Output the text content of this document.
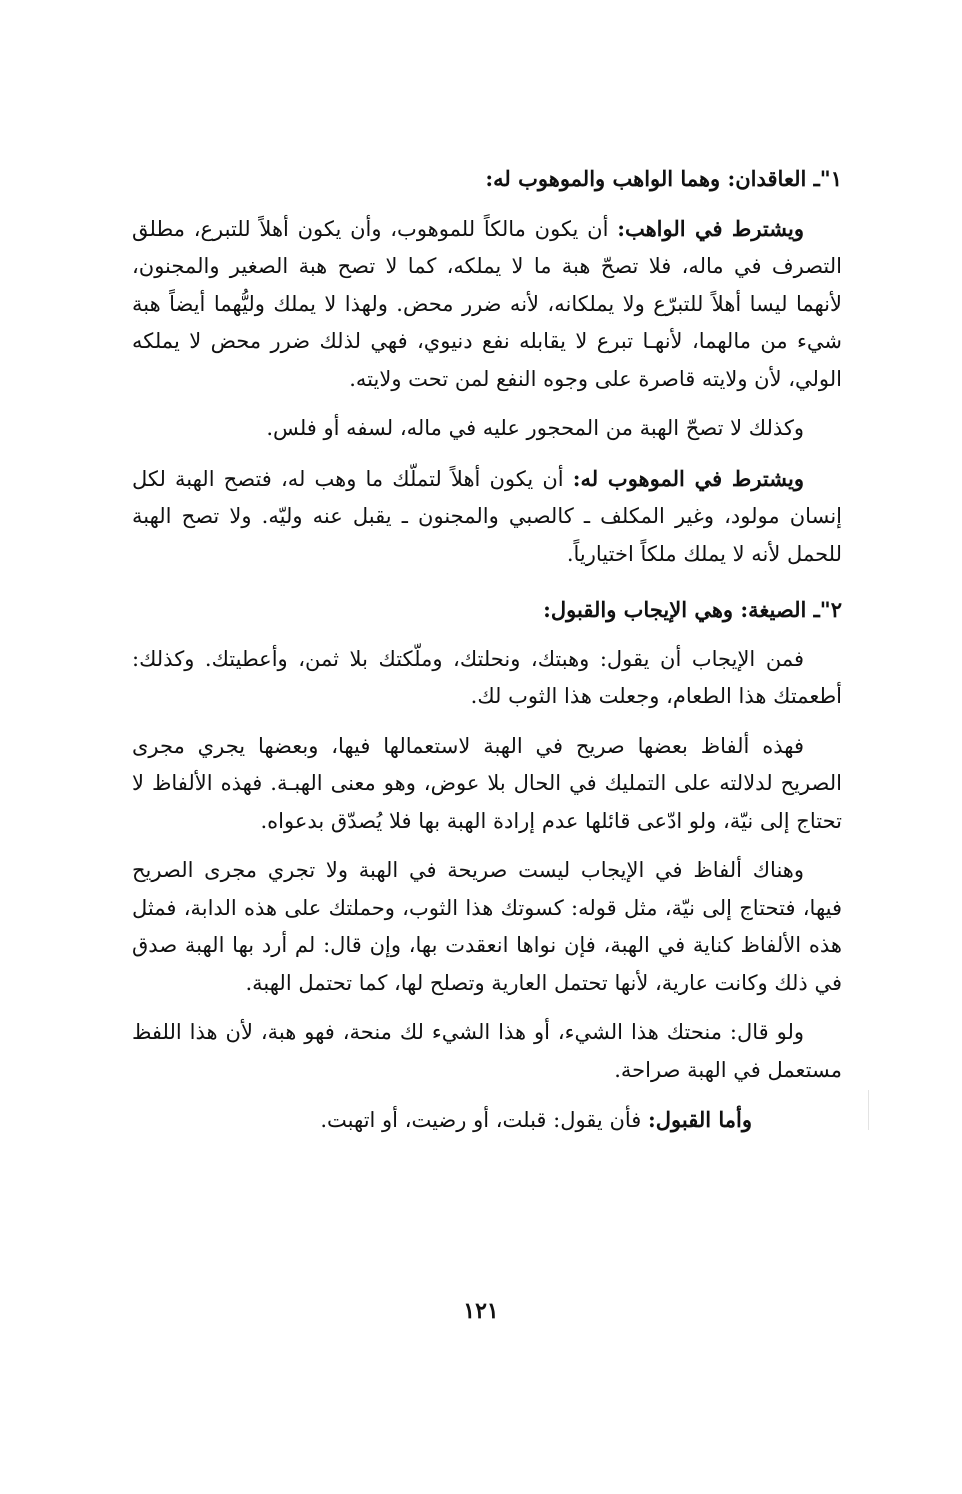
١"ـ العاقدان: وهما الواهب والموهوب له:

ويشترط في الواهب: أن يكون مالكاً للموهوب، وأن يكون أهلاً للتبرع، مطلق التصرف في ماله، فلا تصحّ هبة ما لا يملكه، كما لا تصح هبة الصغير والمجنون، لأنهما ليسا أهلاً للتبرّع ولا يملكانه، لأنه ضرر محض. ولهذا لا يملك وليُّهما أيضاً هبة شيء من مالهما، لأنهـا تبرع لا يقابله نفع دنيوي، فهي لذلك ضرر محض لا يملكه الولي، لأن ولايته قاصرة على وجوه النفع لمن تحت ولايته.

وكذلك لا تصحّ الهبة من المحجور عليه في ماله، لسفه أو فلس.

ويشترط في الموهوب له: أن يكون أهلاً لتملّك ما وهب له، فتصح الهبة لكل إنسان مولود، وغير المكلف ـ كالصبي والمجنون ـ يقبل عنه وليّه. ولا تصح الهبة للحمل لأنه لا يملك ملكاً اختيارياً.

٢"ـ الصيغة: وهي الإيجاب والقبول:

فمن الإيجاب أن يقول: وهبتك، ونحلتك، وملّكتك بلا ثمن، وأعطيتك. وكذلك: أطعمتك هذا الطعام، وجعلت هذا الثوب لك.

فهذه ألفاظ بعضها صريح في الهبة لاستعمالها فيها، وبعضها يجري مجرى الصريح لدلالته على التمليك في الحال بلا عوض، وهو معنى الهبـة. فهذه الألفاظ لا تحتاج إلى نيّة، ولو ادّعى قائلها عدم إرادة الهبة بها فلا يُصدّق بدعواه.

وهناك ألفاظ في الإيجاب ليست صريحة في الهبة ولا تجري مجرى الصريح فيها، فتحتاج إلى نيّة، مثل قوله: كسوتك هذا الثوب، وحملتك على هذه الدابة، فمثل هذه الألفاظ كناية في الهبة، فإن نواها انعقدت بها، وإن قال: لم أرد بها الهبة صدق في ذلك وكانت عارية، لأنها تحتمل العارية وتصلح لها، كما تحتمل الهبة.

ولو قال: منحتك هذا الشيء، أو هذا الشيء لك منحة، فهو هبة، لأن هذا اللفظ مستعمل في الهبة صراحة.

وأما القبول: فأن يقول: قبلت، أو رضيت، أو اتهبت.

١٢١
